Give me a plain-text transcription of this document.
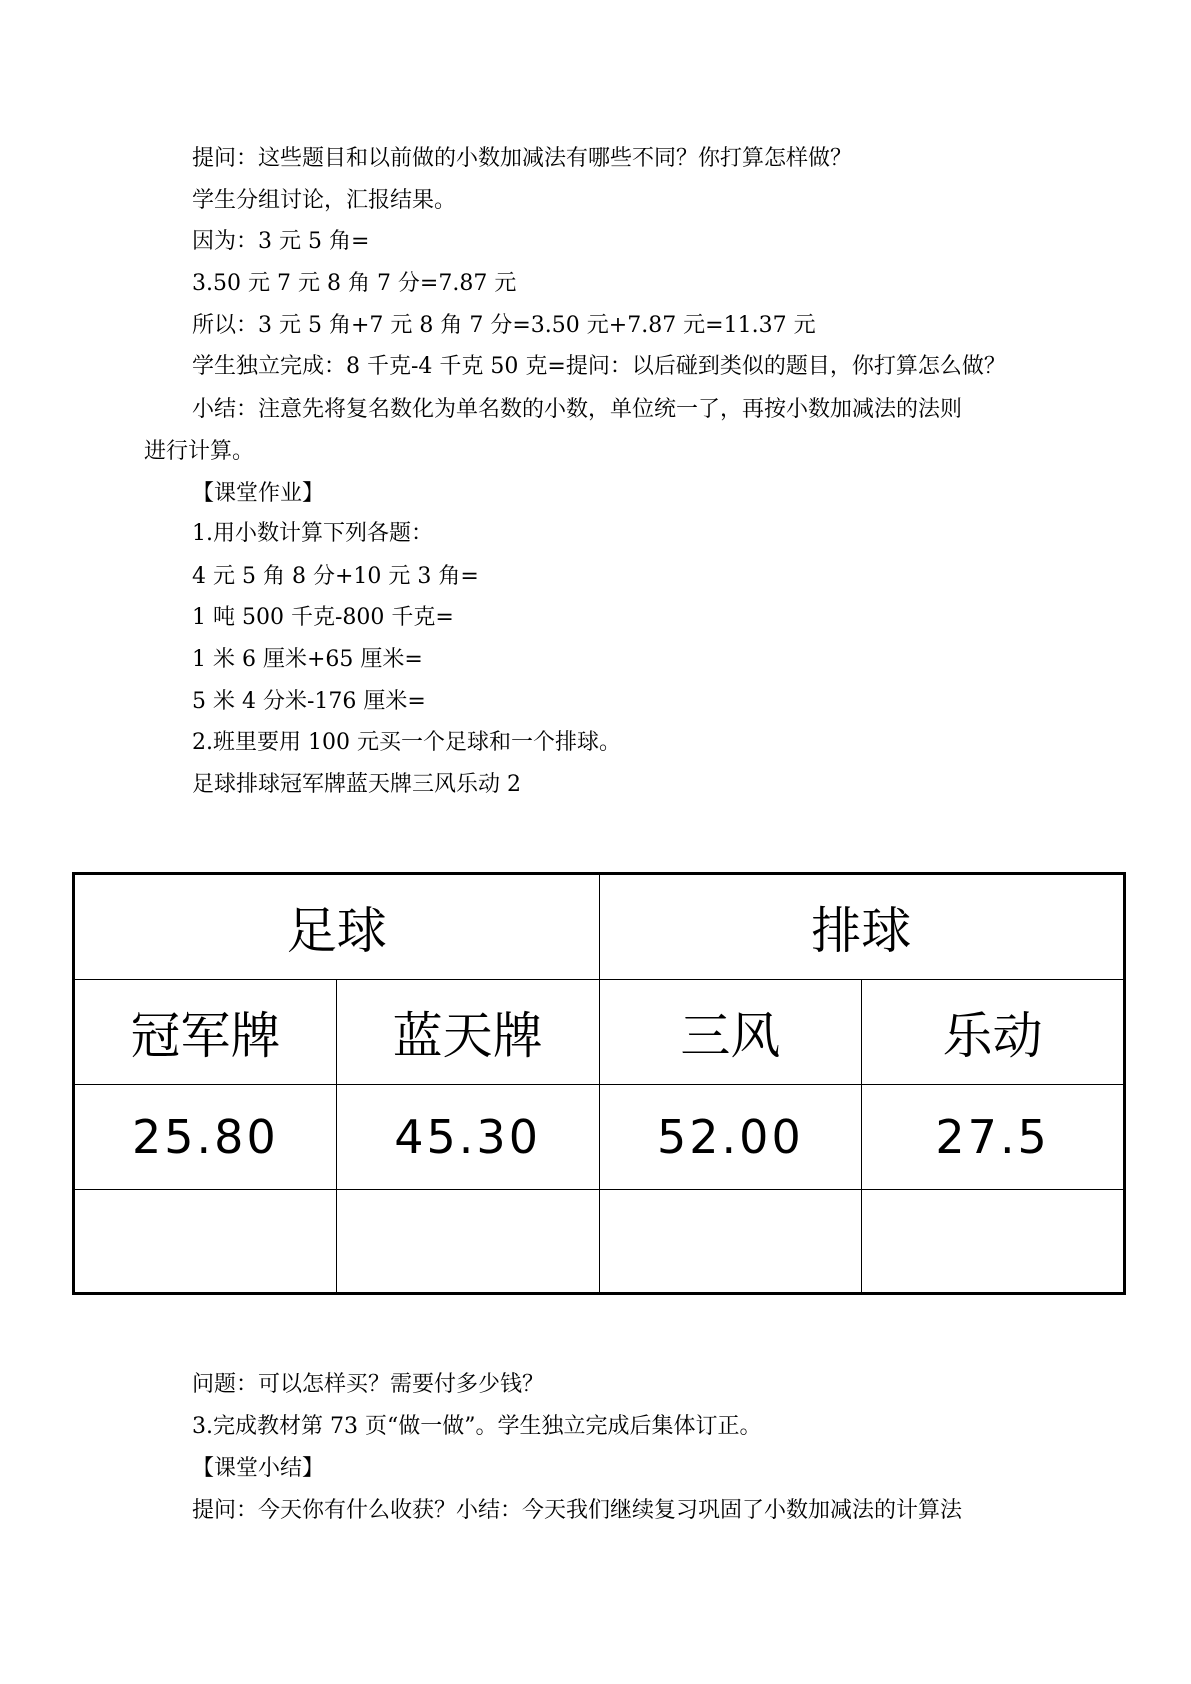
提问：这些题目和以前做的小数加减法有哪些不同？你打算怎样做？
学生分组讨论，汇报结果。
因为：3 元 5 角=
3.50 元 7 元 8 角 7 分=7.87 元
所以：3 元 5 角+7 元 8 角 7 分=3.50 元+7.87 元=11.37 元
学生独立完成：8 千克-4 千克 50 克=提问：以后碰到类似的题目，你打算怎么做？
小结：注意先将复名数化为单名数的小数，单位统一了，再按小数加减法的法则
进行计算。
【课堂作业】
1.用小数计算下列各题：
4 元 5 角 8 分+10 元 3 角=
1 吨 500 千克-800 千克=
1 米 6 厘米+65 厘米=
5 米 4 分米-176 厘米=
2.班里要用 100 元买一个足球和一个排球。
足球排球冠军牌蓝天牌三风乐动 2
足球		排球	
冠军牌	蓝天牌	三风	乐动
25.80	45.30	52.00	27.5

问题：可以怎样买？需要付多少钱？
3.完成教材第 73 页“做一做”。学生独立完成后集体订正。
【课堂小结】
提问：今天你有什么收获？小结：今天我们继续复习巩固了小数加减法的计算法
